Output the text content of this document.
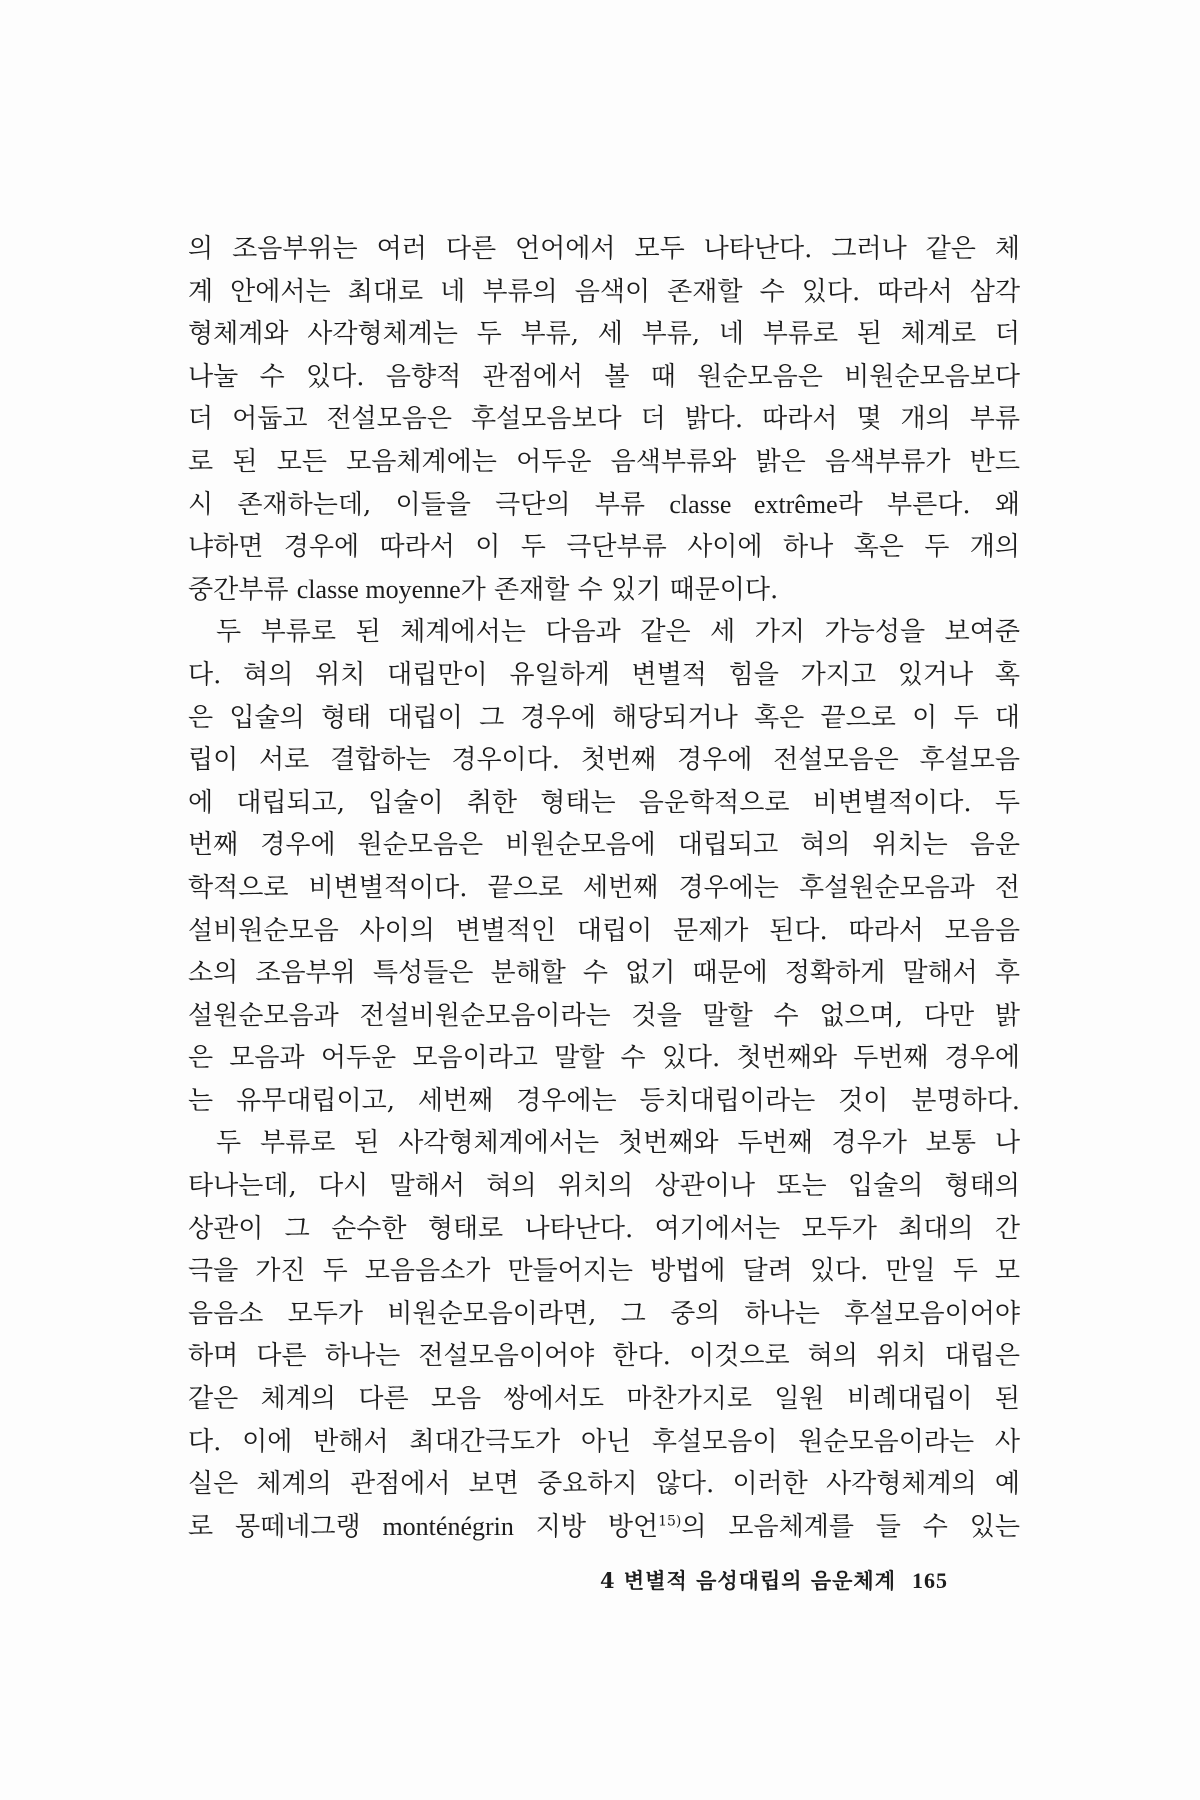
의 조음부위는 여러 다른 언어에서 모두 나타난다. 그러나 같은 체
계 안에서는 최대로 네 부류의 음색이 존재할 수 있다. 따라서 삼각
형체계와 사각형체계는 두 부류, 세 부류, 네 부류로 된 체계로 더
나눌 수 있다. 음향적 관점에서 볼 때 원순모음은 비원순모음보다
더 어둡고 전설모음은 후설모음보다 더 밝다. 따라서 몇 개의 부류
로 된 모든 모음체계에는 어두운 음색부류와 밝은 음색부류가 반드
시 존재하는데, 이들을 극단의 부류 classe extrême라 부른다. 왜
냐하면 경우에 따라서 이 두 극단부류 사이에 하나 혹은 두 개의
중간부류 classe moyenne가 존재할 수 있기 때문이다.
두 부류로 된 체계에서는 다음과 같은 세 가지 가능성을 보여준
다. 혀의 위치 대립만이 유일하게 변별적 힘을 가지고 있거나 혹
은 입술의 형태 대립이 그 경우에 해당되거나 혹은 끝으로 이 두 대
립이 서로 결합하는 경우이다. 첫번째 경우에 전설모음은 후설모음
에 대립되고, 입술이 취한 형태는 음운학적으로 비변별적이다. 두
번째 경우에 원순모음은 비원순모음에 대립되고 혀의 위치는 음운
학적으로 비변별적이다. 끝으로 세번째 경우에는 후설원순모음과 전
설비원순모음 사이의 변별적인 대립이 문제가 된다. 따라서 모음음
소의 조음부위 특성들은 분해할 수 없기 때문에 정확하게 말해서 후
설원순모음과 전설비원순모음이라는 것을 말할 수 없으며, 다만 밝
은 모음과 어두운 모음이라고 말할 수 있다. 첫번째와 두번째 경우에
는 유무대립이고, 세번째 경우에는 등치대립이라는 것이 분명하다.
두 부류로 된 사각형체계에서는 첫번째와 두번째 경우가 보통 나
타나는데, 다시 말해서 혀의 위치의 상관이나 또는 입술의 형태의
상관이 그 순수한 형태로 나타난다. 여기에서는 모두가 최대의 간
극을 가진 두 모음음소가 만들어지는 방법에 달려 있다. 만일 두 모
음음소 모두가 비원순모음이라면, 그 중의 하나는 후설모음이어야
하며 다른 하나는 전설모음이어야 한다. 이것으로 혀의 위치 대립은
같은 체계의 다른 모음 쌍에서도 마찬가지로 일원 비례대립이 된
다. 이에 반해서 최대간극도가 아닌 후설모음이 원순모음이라는 사
실은 체계의 관점에서 보면 중요하지 않다. 이러한 사각형체계의 예
로 몽떼네그랭 monténégrin 지방 방언$^{15)}$의 모음체계를 들 수 있는
4 변별적 음성대립의 음운체계 165
